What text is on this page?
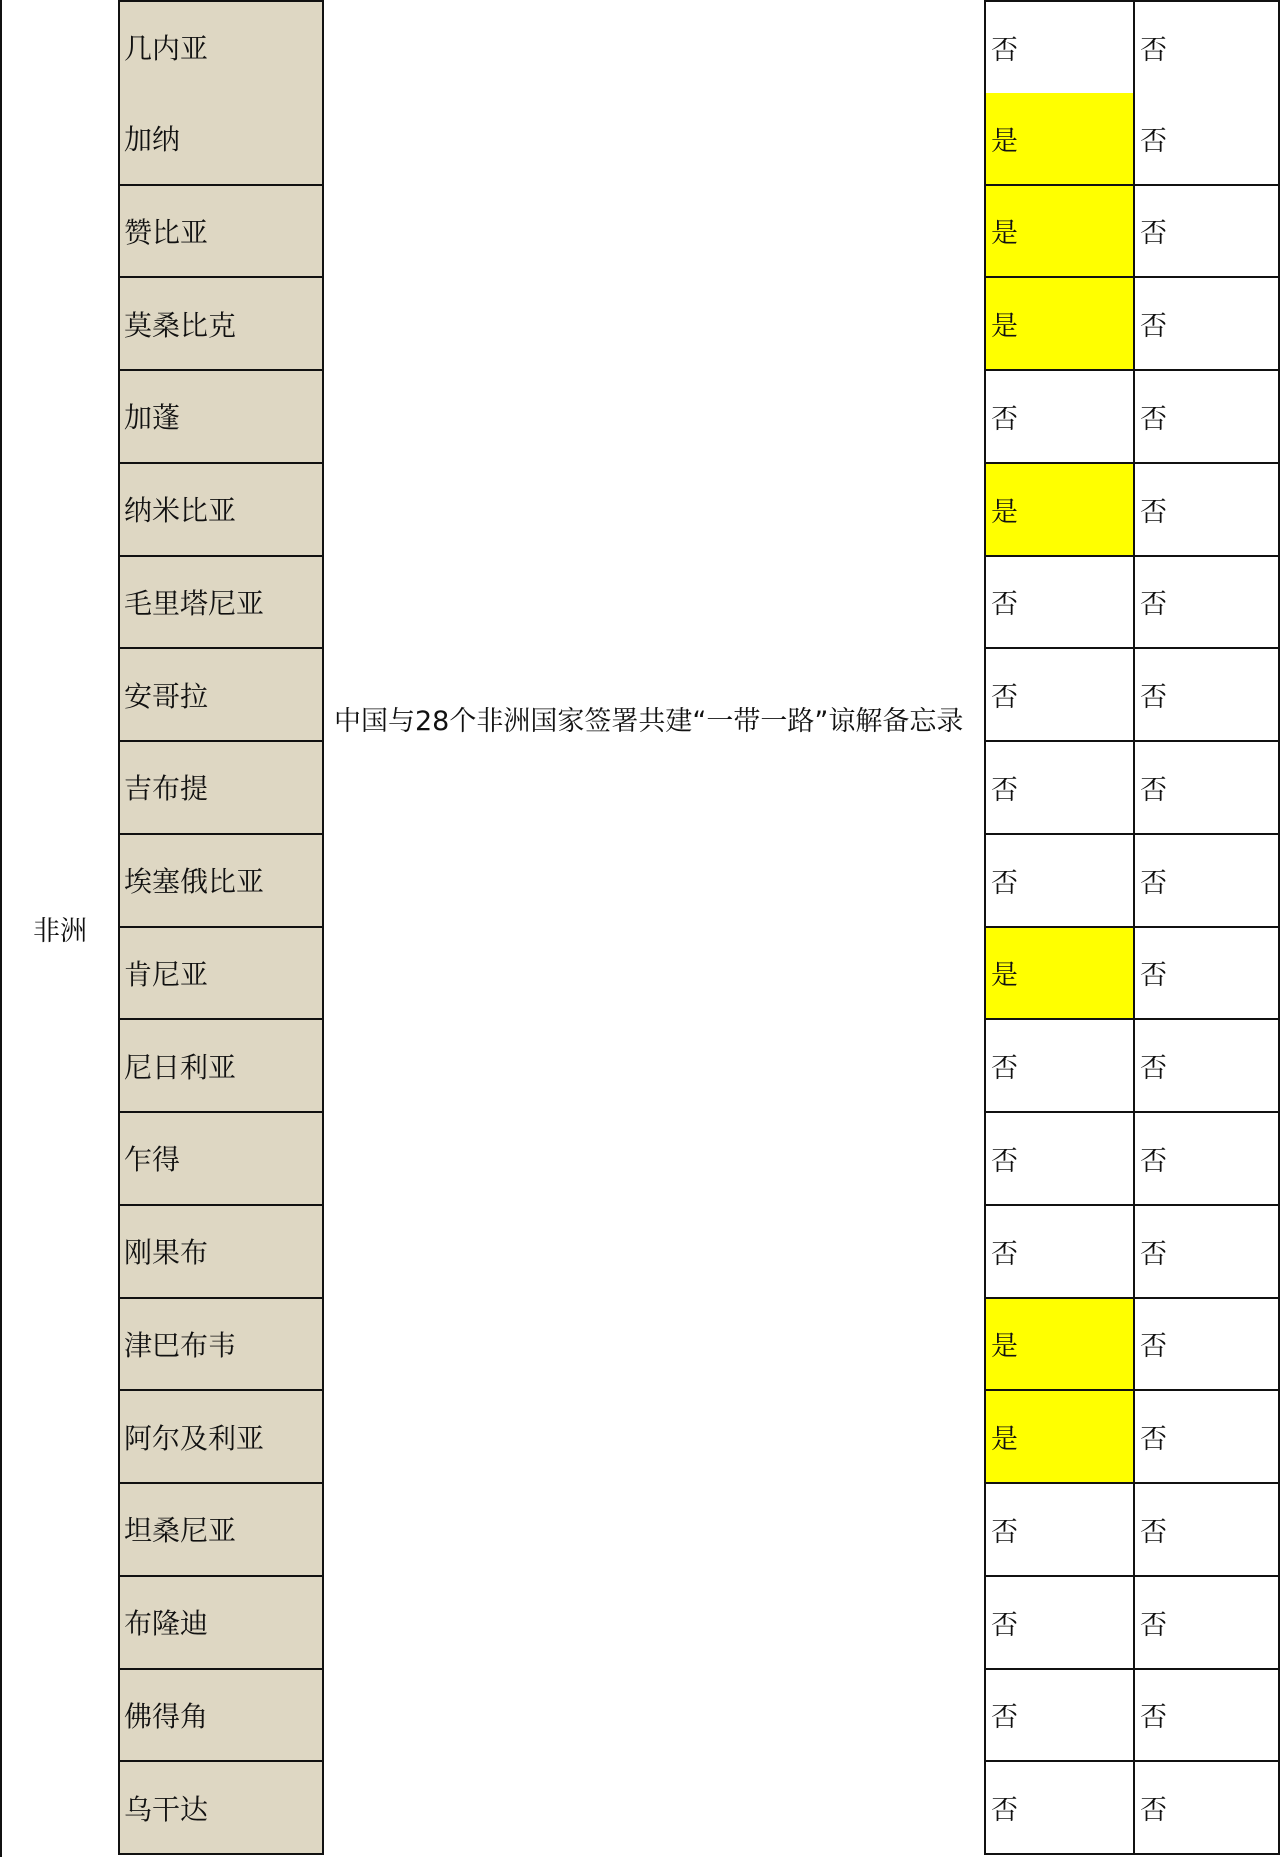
非洲
几内亚
加纳
赞比亚
莫桑比克
加蓬
纳米比亚
毛里塔尼亚
安哥拉
吉布提
埃塞俄比亚
肯尼亚
尼日利亚
乍得
刚果布
津巴布韦
阿尔及利亚
坦桑尼亚
布隆迪
佛得角
乌干达
中国与28个非洲国家签署共建“一带一路”谅解备忘录
否
是
是
是
否
是
否
否
否
否
是
否
否
否
是
是
否
否
否
否
否
否
否
否
否
否
否
否
否
否
否
否
否
否
否
否
否
否
否
否
